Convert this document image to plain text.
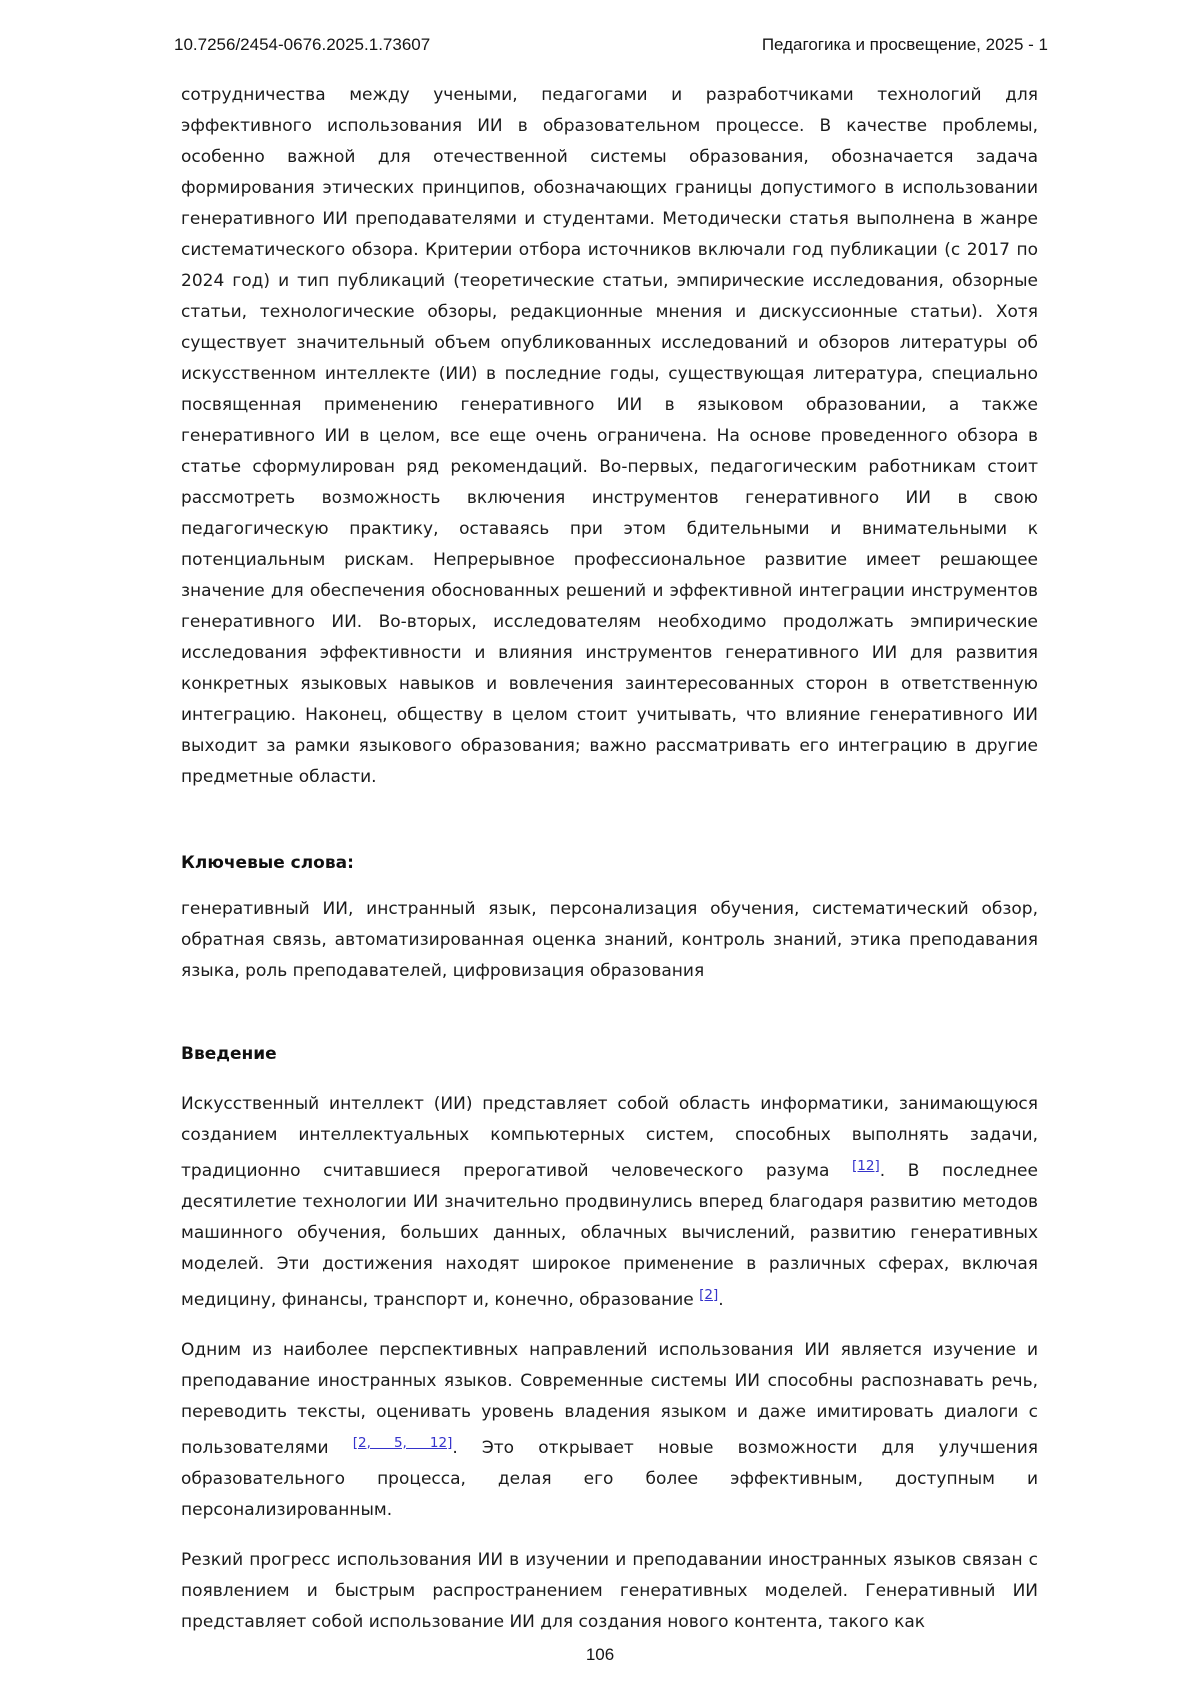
10.7256/2454-0676.2025.1.73607	Педагогика и просвещение, 2025 - 1

сотрудничества между учеными, педагогами и разработчиками технологий для эффективного использования ИИ в образовательном процессе. В качестве проблемы, особенно важной для отечественной системы образования, обозначается задача формирования этических принципов, обозначающих границы допустимого в использовании генеративного ИИ преподавателями и студентами. Методически статья выполнена в жанре систематического обзора. Критерии отбора источников включали год публикации (с 2017 по 2024 год) и тип публикаций (теоретические статьи, эмпирические исследования, обзорные статьи, технологические обзоры, редакционные мнения и дискуссионные статьи). Хотя существует значительный объем опубликованных исследований и обзоров литературы об искусственном интеллекте (ИИ) в последние годы, существующая литература, специально посвященная применению генеративного ИИ в языковом образовании, а также генеративного ИИ в целом, все еще очень ограничена. На основе проведенного обзора в статье сформулирован ряд рекомендаций. Во-первых, педагогическим работникам стоит рассмотреть возможность включения инструментов генеративного ИИ в свою педагогическую практику, оставаясь при этом бдительными и внимательными к потенциальным рискам. Непрерывное профессиональное развитие имеет решающее значение для обеспечения обоснованных решений и эффективной интеграции инструментов генеративного ИИ. Во-вторых, исследователям необходимо продолжать эмпирические исследования эффективности и влияния инструментов генеративного ИИ для развития конкретных языковых навыков и вовлечения заинтересованных сторон в ответственную интеграцию. Наконец, обществу в целом стоит учитывать, что влияние генеративного ИИ выходит за рамки языкового образования; важно рассматривать его интеграцию в другие предметные области.

Ключевые слова:

генеративный ИИ, инстранный язык, персонализация обучения, систематический обзор, обратная связь, автоматизированная оценка знаний, контроль знаний, этика преподавания языка, роль преподавателей, цифровизация образования

Введение

Искусственный интеллект (ИИ) представляет собой область информатики, занимающуюся созданием интеллектуальных компьютерных систем, способных выполнять задачи, традиционно считавшиеся прерогативой человеческого разума [12]. В последнее десятилетие технологии ИИ значительно продвинулись вперед благодаря развитию методов машинного обучения, больших данных, облачных вычислений, развитию генеративных моделей. Эти достижения находят широкое применение в различных сферах, включая медицину, финансы, транспорт и, конечно, образование [2].

Одним из наиболее перспективных направлений использования ИИ является изучение и преподавание иностранных языков. Современные системы ИИ способны распознавать речь, переводить тексты, оценивать уровень владения языком и даже имитировать диалоги с пользователями [2, 5, 12]. Это открывает новые возможности для улучшения образовательного процесса, делая его более эффективным, доступным и персонализированным.

Резкий прогресс использования ИИ в изучении и преподавании иностранных языков связан с появлением и быстрым распространением генеративных моделей. Генеративный ИИ представляет собой использование ИИ для создания нового контента, такого как

106
